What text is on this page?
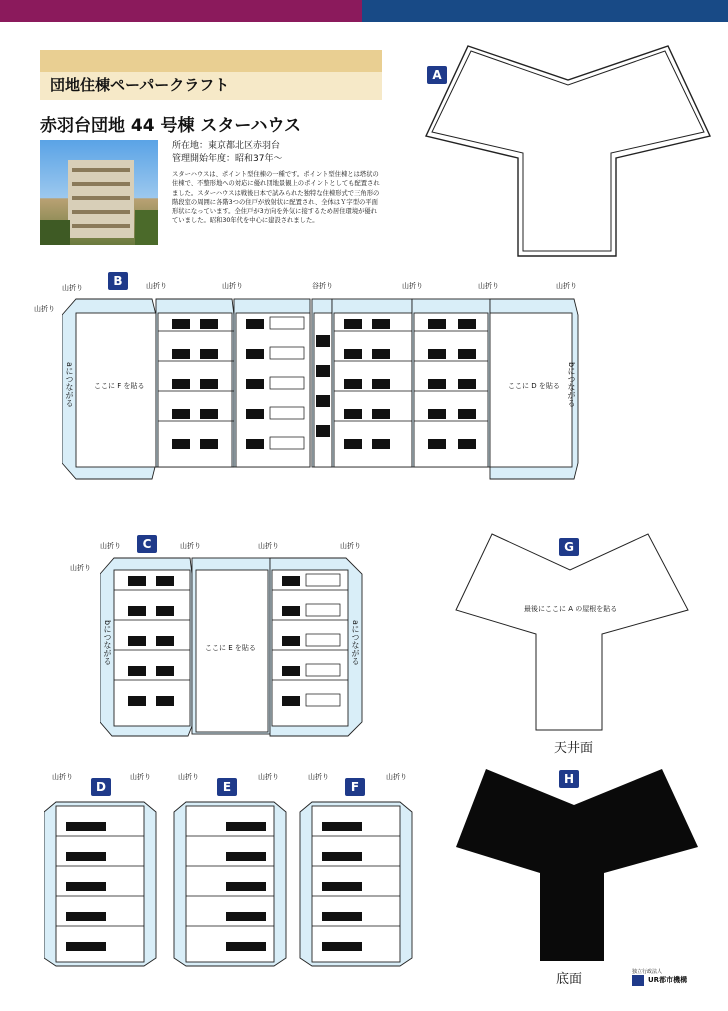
団地住棟ペーパークラフト
赤羽台団地 44 号棟 スターハウス
所在地：東京都北区赤羽台
管理開始年度：昭和37年～
スターハウスは、ポイント型住棟の一種です。ポイント型住棟とは塔状の住棟で、不整形地への対応に優れ団地景観上のポイントとしても配置されました。スターハウスは戦後日本で試みられた独特な住棟形式で三角形の階段室の周囲に各階3つの住戸が放射状に配置され、全体はＹ字型の平面形状になっています。全住戸が3方向を外気に接するため居住環境が優れていました。昭和30年代を中心に建設されました。
A
B
山折り
山折り
山折り	山折り	谷折り	山折り	山折り	山折り
ここに F を貼る	ここに D を貼る
aにつながる	bにつながる
C
山折り
山折り
山折り	山折り	山折り
ここに E を貼る
bにつながる	aにつながる
G
最後にここに A の屋根を貼る
天井面
D	E	F
山折り	山折り	山折り	山折り	山折り	山折り	H
底面	独立行政法人
UR都市機構
